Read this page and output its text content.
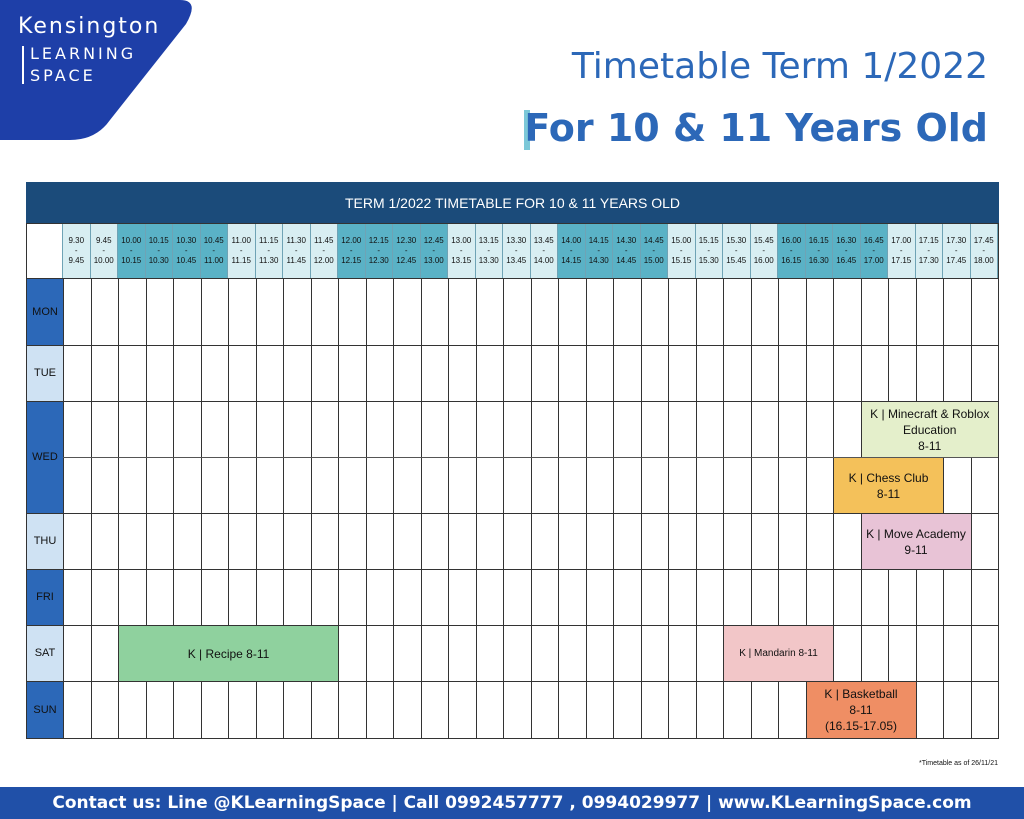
Kensington
LEARNING
SPACE	Timetable Term 1/2022
For 10 & 11 Years Old
TERM 1/2022 TIMETABLE FOR 10 & 11 YEARS OLD
9.30
-
9.45
9.45
-
10.00
10.00
-
10.15
10.15
-
10.30
10.30
-
10.45
10.45
-
11.00
11.00
-
11.15
11.15
-
11.30
11.30
-
11.45
11.45
-
12.00
12.00
-
12.15
12.15
-
12.30
12.30
-
12.45
12.45
-
13.00
13.00
-
13.15
13.15
-
13.30
13.30
-
13.45
13.45
-
14.00
14.00
-
14.15
14.15
-
14.30
14.30
-
14.45
14.45
-
15.00
15.00
-
15.15
15.15
-
15.30
15.30
-
15.45
15.45
-
16.00
16.00
-
16.15
16.15
-
16.30
16.30
-
16.45
16.45
-
17.00
17.00
-
17.15
17.15
-
17.30
17.30
-
17.45
17.45
-
18.00
MON
TUE
WED
THU
FRI
SAT
SUN
K | Minecraft & Roblox
Education
8-11
K | Chess Club
8-11
K | Move Academy
9-11
K | Recipe 8-11	K | Mandarin 8-11
K | Basketball
8-11
(16.15-17.05)
*Timetable as of 26/11/21
Contact us: Line @KLearningSpace | Call 0992457777 , 0994029977 | www.KLearningSpace.com
